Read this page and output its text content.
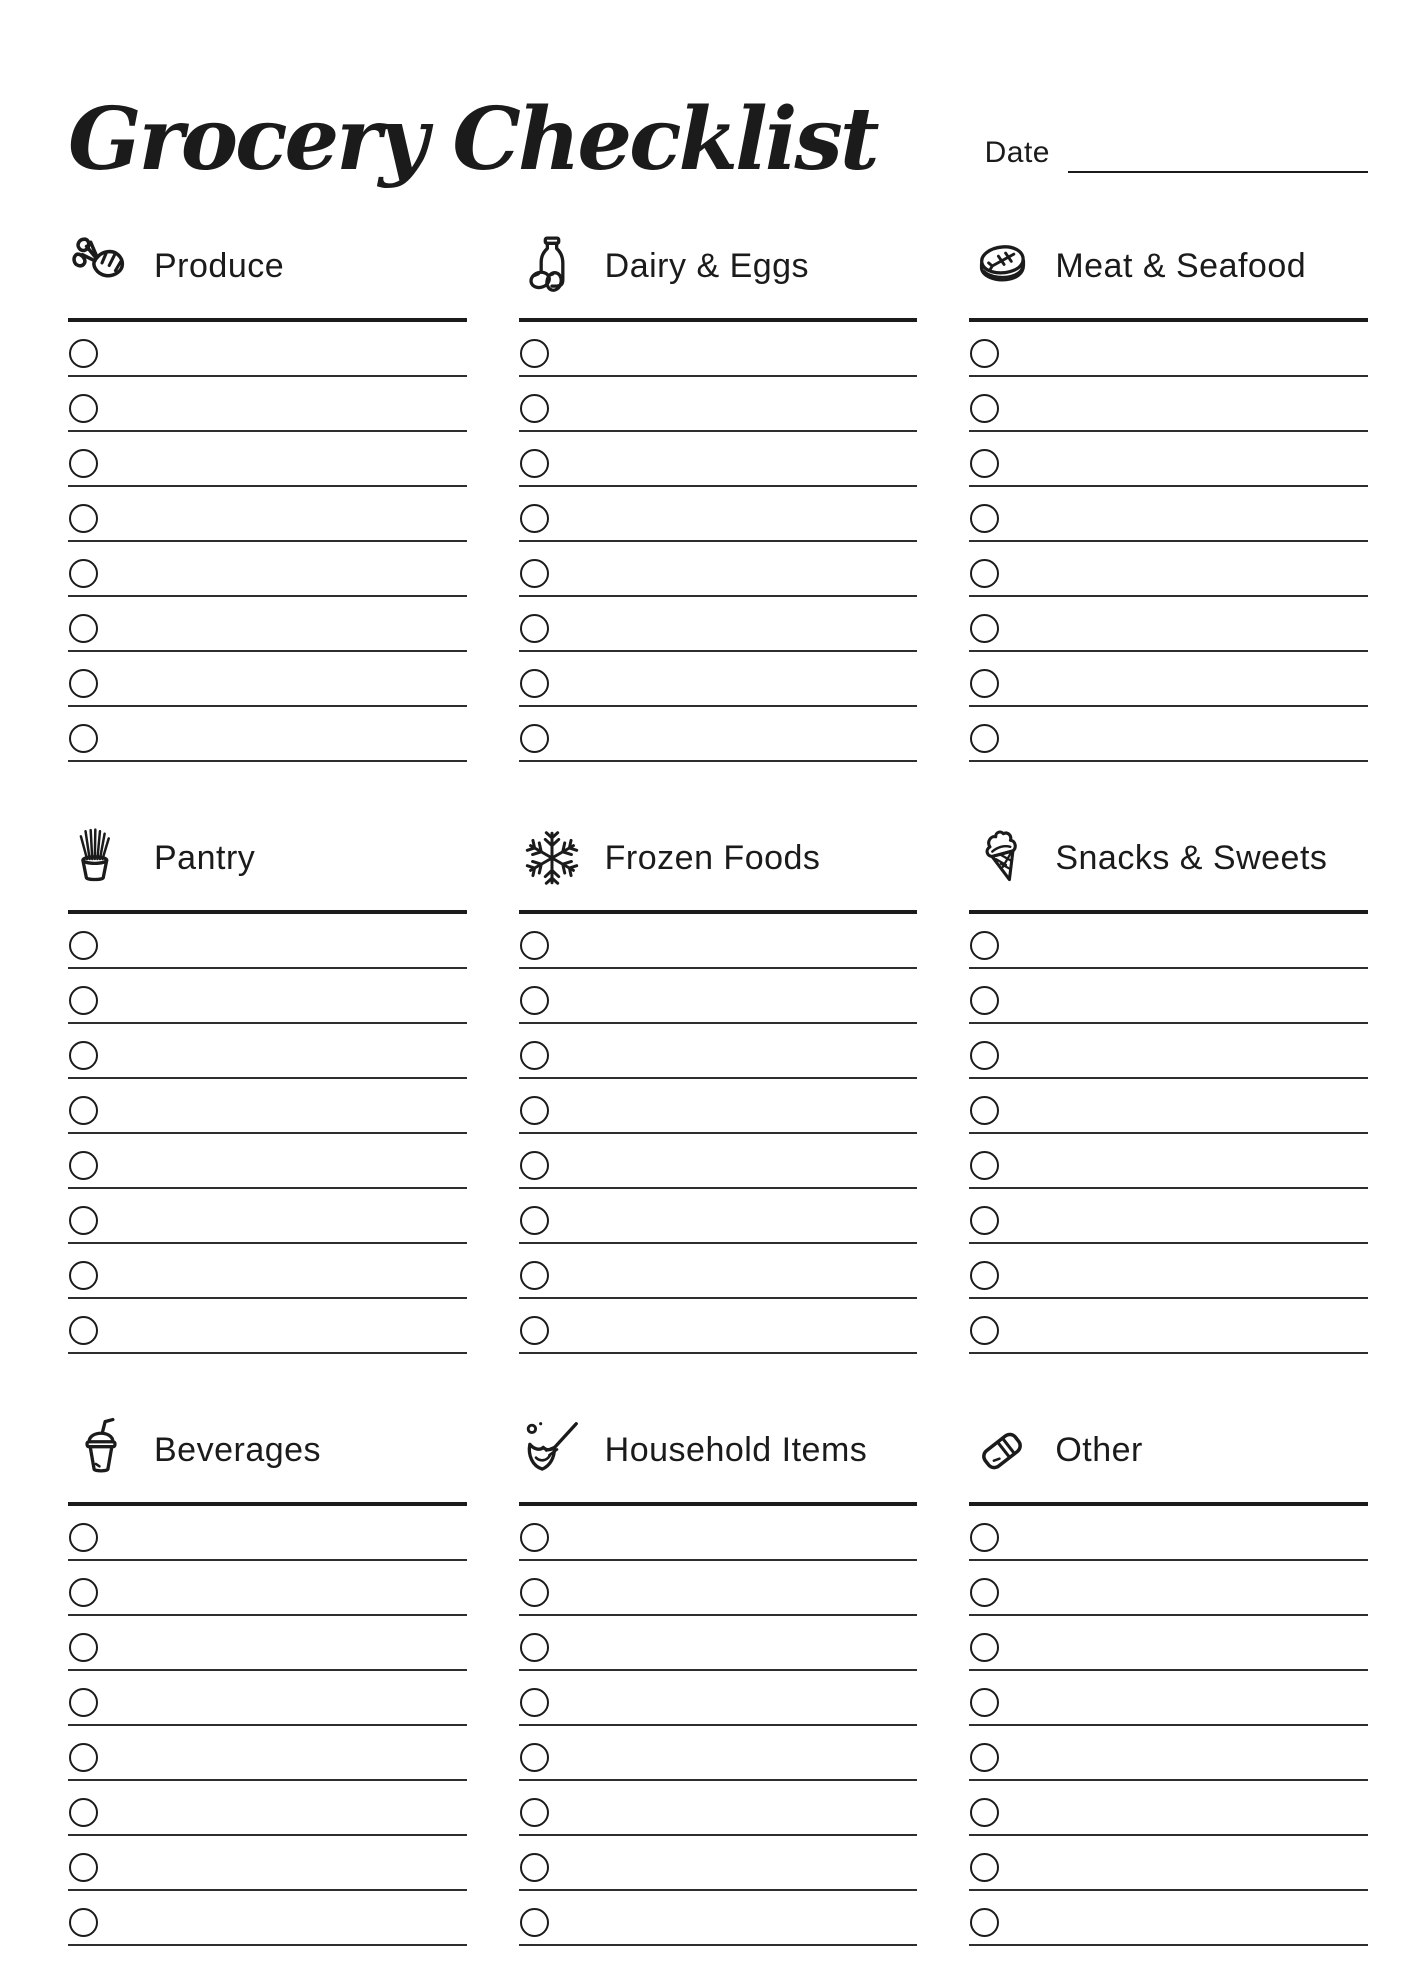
Grocery Checklist	Date
Produce	Dairy & Eggs	Meat & Seafood
Pantry	Frozen Foods	Snacks & Sweets
Beverages	Household Items	Other
